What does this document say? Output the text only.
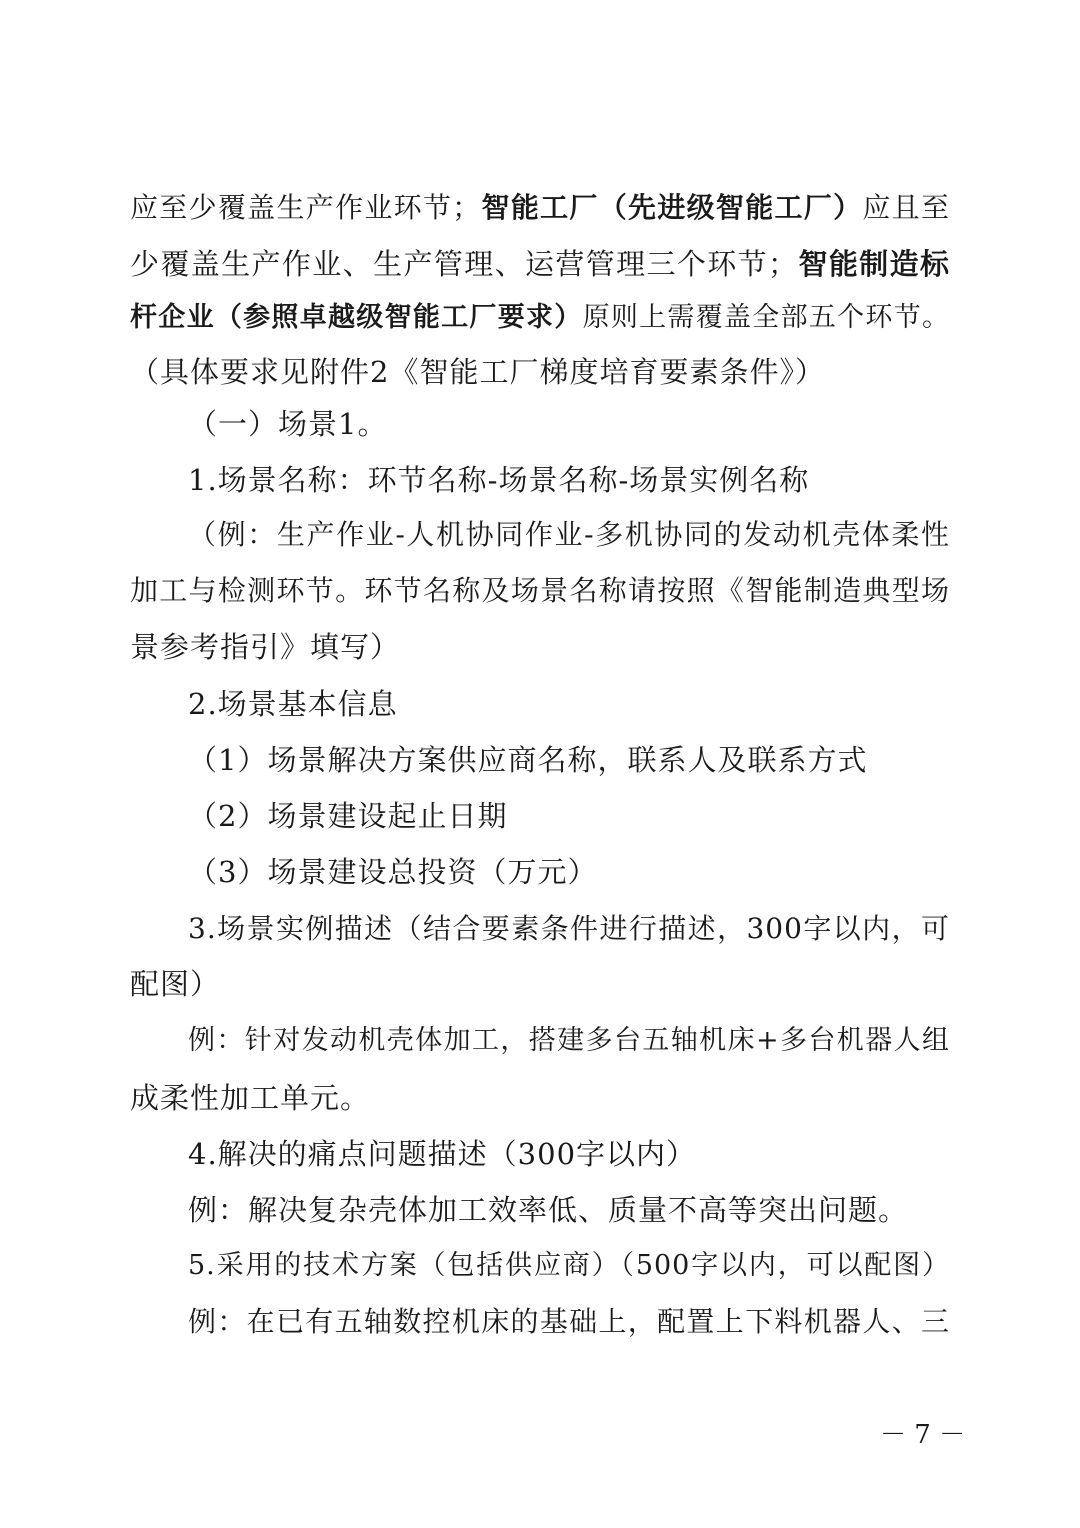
应至少覆盖生产作业环节；智能工厂（先进级智能工厂）应且至
少覆盖生产作业、生产管理、运营管理三个环节；智能制造标
杆企业（参照卓越级智能工厂要求）原则上需覆盖全部五个环节。
（具体要求见附件2《智能工厂梯度培育要素条件》）
（一）场景1。
1.场景名称：环节名称-场景名称-场景实例名称
（例：生产作业-人机协同作业-多机协同的发动机壳体柔性
加工与检测环节。环节名称及场景名称请按照《智能制造典型场
景参考指引》填写）
2.场景基本信息
（1）场景解决方案供应商名称，联系人及联系方式
（2）场景建设起止日期
（3）场景建设总投资（万元）
3.场景实例描述（结合要素条件进行描述，300字以内，可
配图）
例：针对发动机壳体加工，搭建多台五轴机床+多台机器人组
成柔性加工单元。
4.解决的痛点问题描述（300字以内）
例：解决复杂壳体加工效率低、质量不高等突出问题。
5.采用的技术方案（包括供应商）（500字以内，可以配图）
例：在已有五轴数控机床的基础上，配置上下料机器人、三
－ 7 －
